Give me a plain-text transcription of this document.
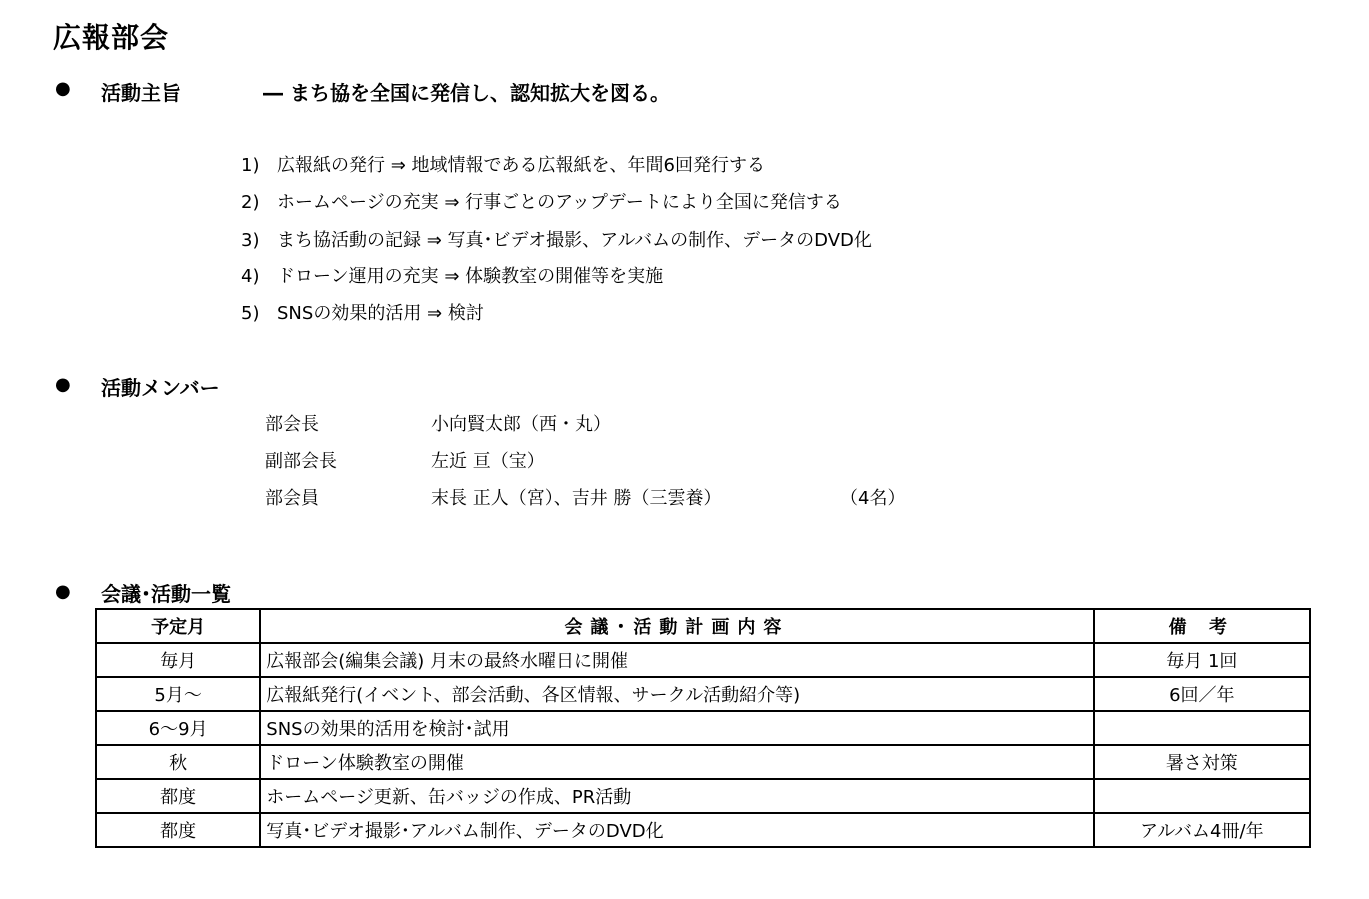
広報部会
● 活動主旨	― まち協を全国に発信し、認知拡大を図る。
1) 広報紙の発行 ⇒ 地域情報である広報紙を、年間6回発行する
2) ホームページの充実 ⇒ 行事ごとのアップデートにより全国に発信する
3) まち協活動の記録 ⇒ 写真･ビデオ撮影、アルバムの制作、データのDVD化
4) ドローン運用の充実 ⇒ 体験教室の開催等を実施
5) SNSの効果的活用 ⇒ 検討
● 活動メンバー
部会長	小向賢太郎（西・丸）
副部会長	左近 亘（宝）
部会員	末長 正人（宮）、吉井 勝（三雲養）	（4名）
● 会議･活動一覧
予定月	会議･活動計画内容	備 考
毎月	広報部会(編集会議) 月末の最終水曜日に開催	毎月 1回
5月～	広報紙発行(イベント、部会活動、各区情報、サークル活動紹介等)	6回／年
6～9月	SNSの効果的活用を検討･試用	
秋	ドローン体験教室の開催	暑さ対策
都度	ホームページ更新、缶バッジの作成、PR活動	
都度	写真･ビデオ撮影･アルバム制作、データのDVD化	アルバム4冊/年
